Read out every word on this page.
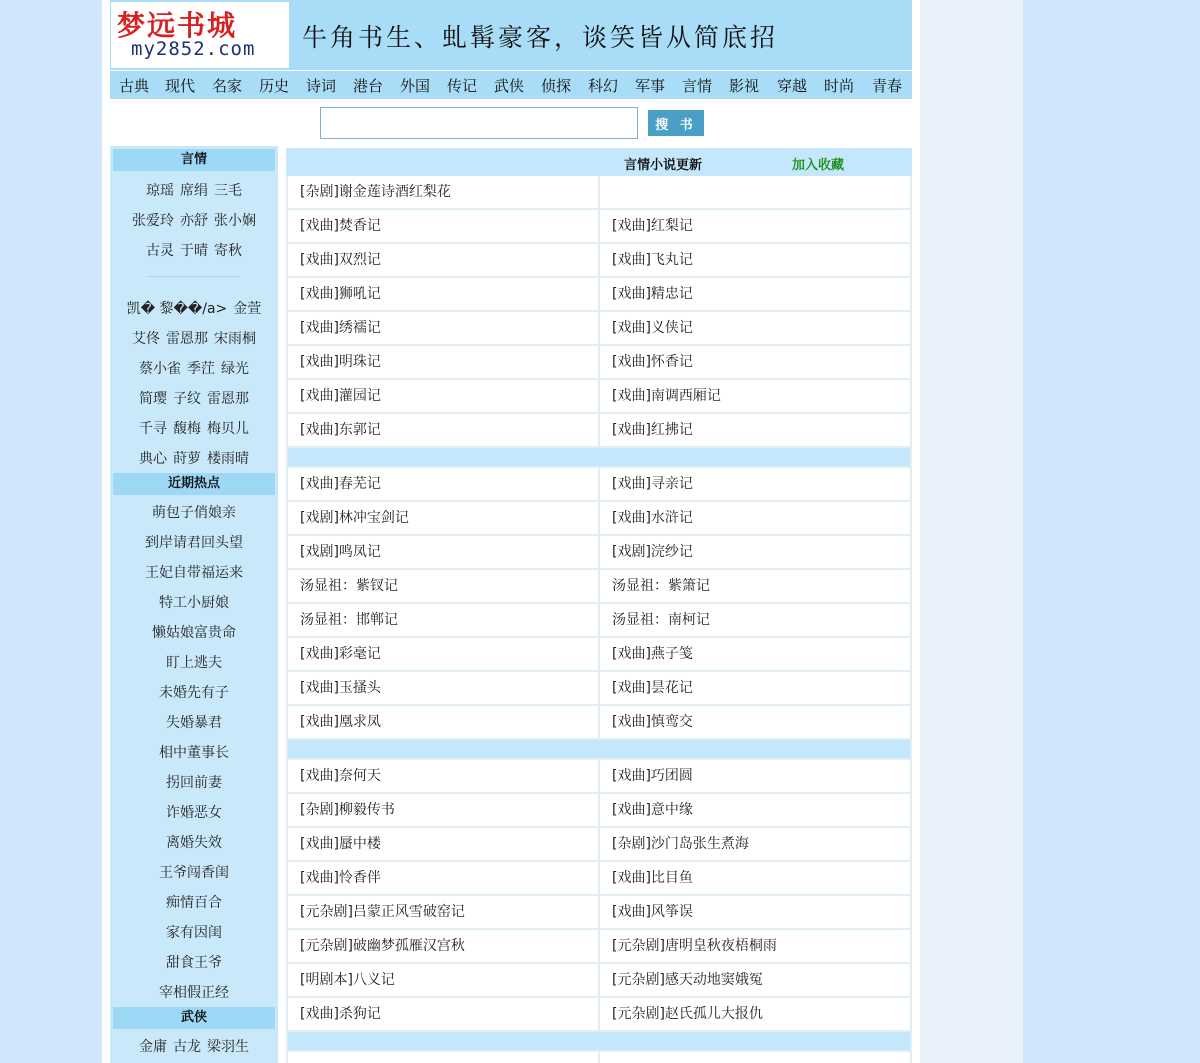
梦远书城
my2852.com 牛角书生、虬髯豪客，谈笑皆从简底招
古典 现代 名家 历史 诗词 港台 外国 传记 武侠 侦探 科幻 军事 言情 影视 穿越 时尚 青春
搜 书
言情
琼瑶 席绢 三毛
张爱玲 亦舒 张小娴
古灵 于晴 寄秋
凯� 黎��/a> 金萱
艾佟 雷恩那 宋雨桐
蔡小雀 季茳 绿光
简璎 子纹 雷恩那
千寻 馥梅 梅贝儿
典心 莳萝 楼雨晴
近期热点
萌包子俏娘亲
到岸请君回头望
王妃自带福运来
特工小厨娘
懒姑娘富贵命
盯上逃夫
未婚先有子
失婚暴君
相中董事长
拐回前妻
诈婚恶女
离婚失效
王爷闯香闺
痴情百合
家有因闺
甜食王爷
宰相假正经
武侠
金庸 古龙 梁羽生
言情小说更新	加入收藏
[杂剧]谢金莲诗酒红梨花
[戏曲]焚香记	[戏曲]红梨记
[戏曲]双烈记	[戏曲]飞丸记
[戏曲]狮吼记	[戏曲]精忠记
[戏曲]绣襦记	[戏曲]义侠记
[戏曲]明珠记	[戏曲]怀香记
[戏曲]灌园记	[戏曲]南调西厢记
[戏曲]东郭记	[戏曲]红拂记
[戏曲]春芜记	[戏曲]寻亲记
[戏剧]林冲宝剑记	[戏曲]水浒记
[戏剧]鸣凤记	[戏剧]浣纱记
汤显祖：紫钗记	汤显祖：紫箫记
汤显祖：邯郸记	汤显祖：南柯记
[戏曲]彩毫记	[戏曲]燕子笺
[戏曲]玉搔头	[戏曲]昙花记
[戏曲]凰求凤	[戏曲]慎鸾交
[戏曲]奈何天	[戏曲]巧团圆
[杂剧]柳毅传书	[戏曲]意中缘
[戏曲]蜃中楼	[杂剧]沙门岛张生煮海
[戏曲]怜香伴	[戏曲]比目鱼
[元杂剧]吕蒙正风雪破窑记	[戏曲]风筝误
[元杂剧]破幽梦孤雁汉宫秋	[元杂剧]唐明皇秋夜梧桐雨
[明剧本]八义记	[元杂剧]感天动地窦娥冤
[戏曲]杀狗记	[元杂剧]赵氏孤儿大报仇
